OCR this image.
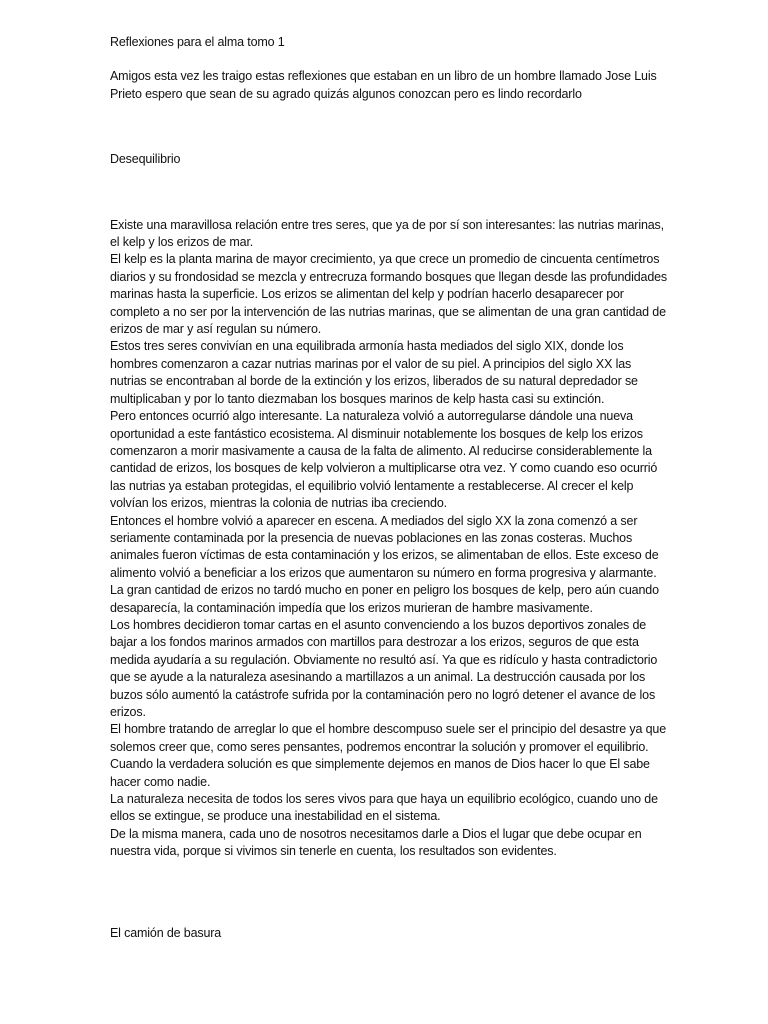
Reflexiones para el alma tomo 1

Amigos esta vez les traigo estas reflexiones que estaban en un libro de un hombre llamado Jose Luis Prieto espero que sean de su agrado quizás algunos conozcan pero es lindo recordarlo

Desequilibrio

Existe una maravillosa relación entre tres seres, que ya de por sí son interesantes: las nutrias marinas, el kelp y los erizos de mar.

El kelp es la planta marina de mayor crecimiento, ya que crece un promedio de cincuenta centímetros diarios y su frondosidad se mezcla y entrecruza formando bosques que llegan desde las profundidades marinas hasta la superficie. Los erizos se alimentan del kelp y podrían hacerlo desaparecer por completo a no ser por la intervención de las nutrias marinas, que se alimentan de una gran cantidad de erizos de mar y así regulan su número.

Estos tres seres convivían en una equilibrada armonía hasta mediados del siglo XIX, donde los hombres comenzaron a cazar nutrias marinas por el valor de su piel. A principios del siglo XX las nutrias se encontraban al borde de la extinción y los erizos, liberados de su natural depredador se multiplicaban y por lo tanto diezmaban los bosques marinos de kelp hasta casi su extinción.

Pero entonces ocurrió algo interesante. La naturaleza volvió a autorregularse dándole una nueva oportunidad a este fantástico ecosistema. Al disminuir notablemente los bosques de kelp los erizos comenzaron a morir masivamente a causa de la falta de alimento. Al reducirse considerablemente la cantidad de erizos, los bosques de kelp volvieron a multiplicarse otra vez. Y como cuando eso ocurrió las nutrias ya estaban protegidas, el equilibrio volvió lentamente a restablecerse. Al crecer el kelp volvían los erizos, mientras la colonia de nutrias iba creciendo.

Entonces el hombre volvió a aparecer en escena. A mediados del siglo XX la zona comenzó a ser seriamente contaminada por la presencia de nuevas poblaciones en las zonas costeras. Muchos animales fueron víctimas de esta contaminación y los erizos, se alimentaban de ellos. Este exceso de alimento volvió a beneficiar a los erizos que aumentaron su número en forma progresiva y alarmante. La gran cantidad de erizos no tardó mucho en poner en peligro los bosques de kelp, pero aún cuando desaparecía, la contaminación impedía que los erizos murieran de hambre masivamente.

Los hombres decidieron tomar cartas en el asunto convenciendo a los buzos deportivos zonales de bajar a los fondos marinos armados con martillos para destrozar a los erizos, seguros de que esta medida ayudaría a su regulación. Obviamente no resultó así. Ya que es ridículo y hasta contradictorio que se ayude a la naturaleza asesinando a martillazos a un animal. La destrucción causada por los buzos sólo aumentó la catástrofe sufrida por la contaminación pero no logró detener el avance de los erizos.

El hombre tratando de arreglar lo que el hombre descompuso suele ser el principio del desastre ya que solemos creer que, como seres pensantes, podremos encontrar la solución y promover el equilibrio. Cuando la verdadera solución es que simplemente dejemos en manos de Dios hacer lo que El sabe hacer como nadie.

La naturaleza necesita de todos los seres vivos para que haya un equilibrio ecológico, cuando uno de ellos se extingue, se produce una inestabilidad en el sistema.

De la misma manera, cada uno de nosotros necesitamos darle a Dios el lugar que debe ocupar en nuestra vida, porque si vivimos sin tenerle en cuenta, los resultados son evidentes.

El camión de basura
